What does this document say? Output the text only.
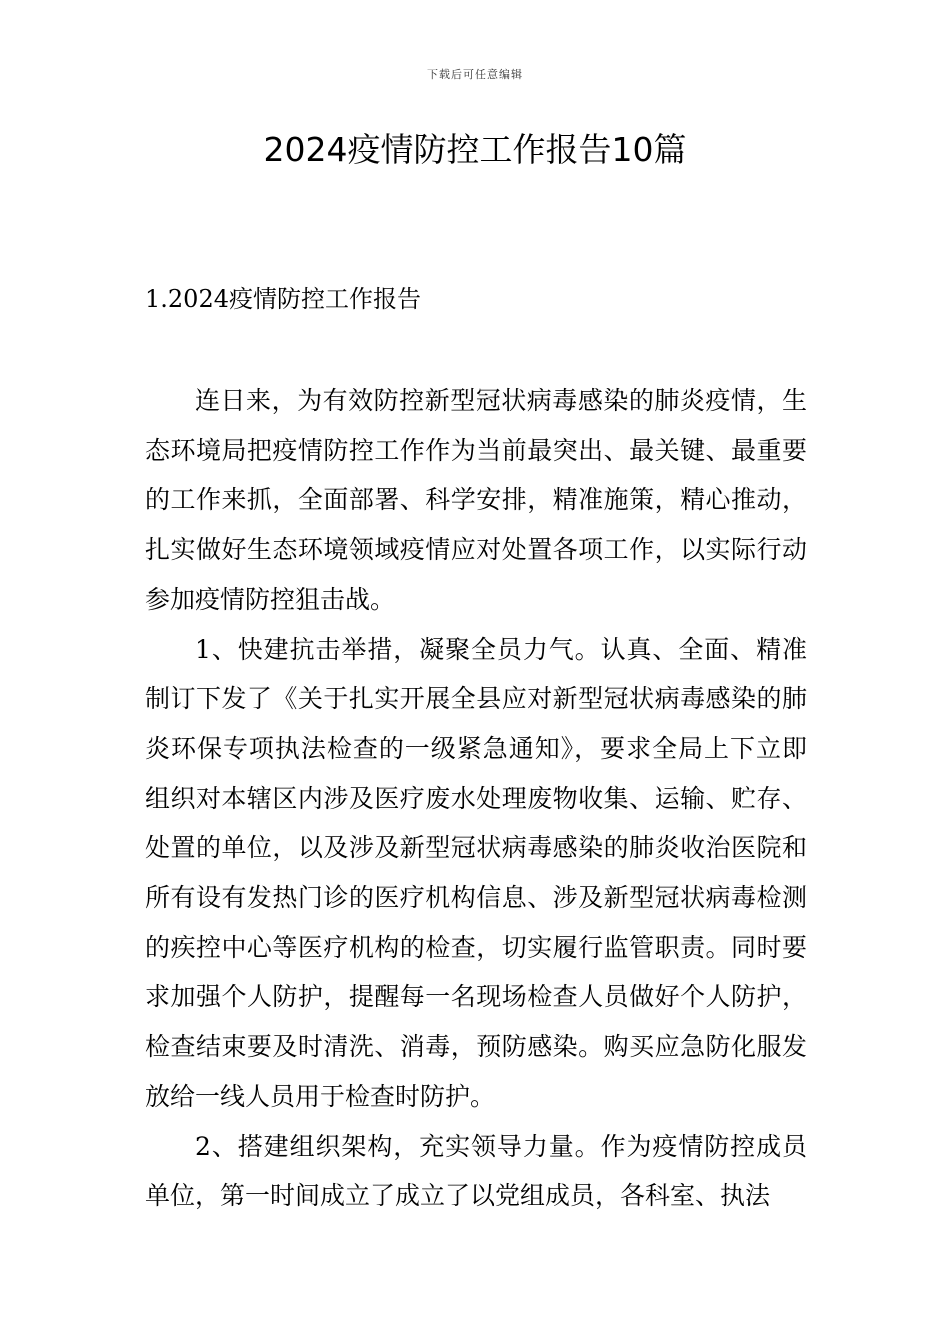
下载后可任意编辑
2024疫情防控工作报告10篇
1.2024疫情防控工作报告

连日来，为有效防控新型冠状病毒感染的肺炎疫情，生态环境局把疫情防控工作作为当前最突出、最关键、最重要的工作来抓，全面部署、科学安排，精准施策，精心推动，扎实做好生态环境领域疫情应对处置各项工作，以实际行动参加疫情防控狙击战。

1、快建抗击举措，凝聚全员力气。认真、全面、精准制订下发了《关于扎实开展全县应对新型冠状病毒感染的肺炎环保专项执法检查的一级紧急通知》，要求全局上下立即组织对本辖区内涉及医疗废水处理废物收集、运输、贮存、处置的单位，以及涉及新型冠状病毒感染的肺炎收治医院和所有设有发热门诊的医疗机构信息、涉及新型冠状病毒检测的疾控中心等医疗机构的检查，切实履行监管职责。同时要求加强个人防护，提醒每一名现场检查人员做好个人防护，检查结束要及时清洗、消毒，预防感染。购买应急防化服发放给一线人员用于检查时防护。

2、搭建组织架构，充实领导力量。作为疫情防控成员单位，第一时间成立了成立了以党组成员，各科室、执法
